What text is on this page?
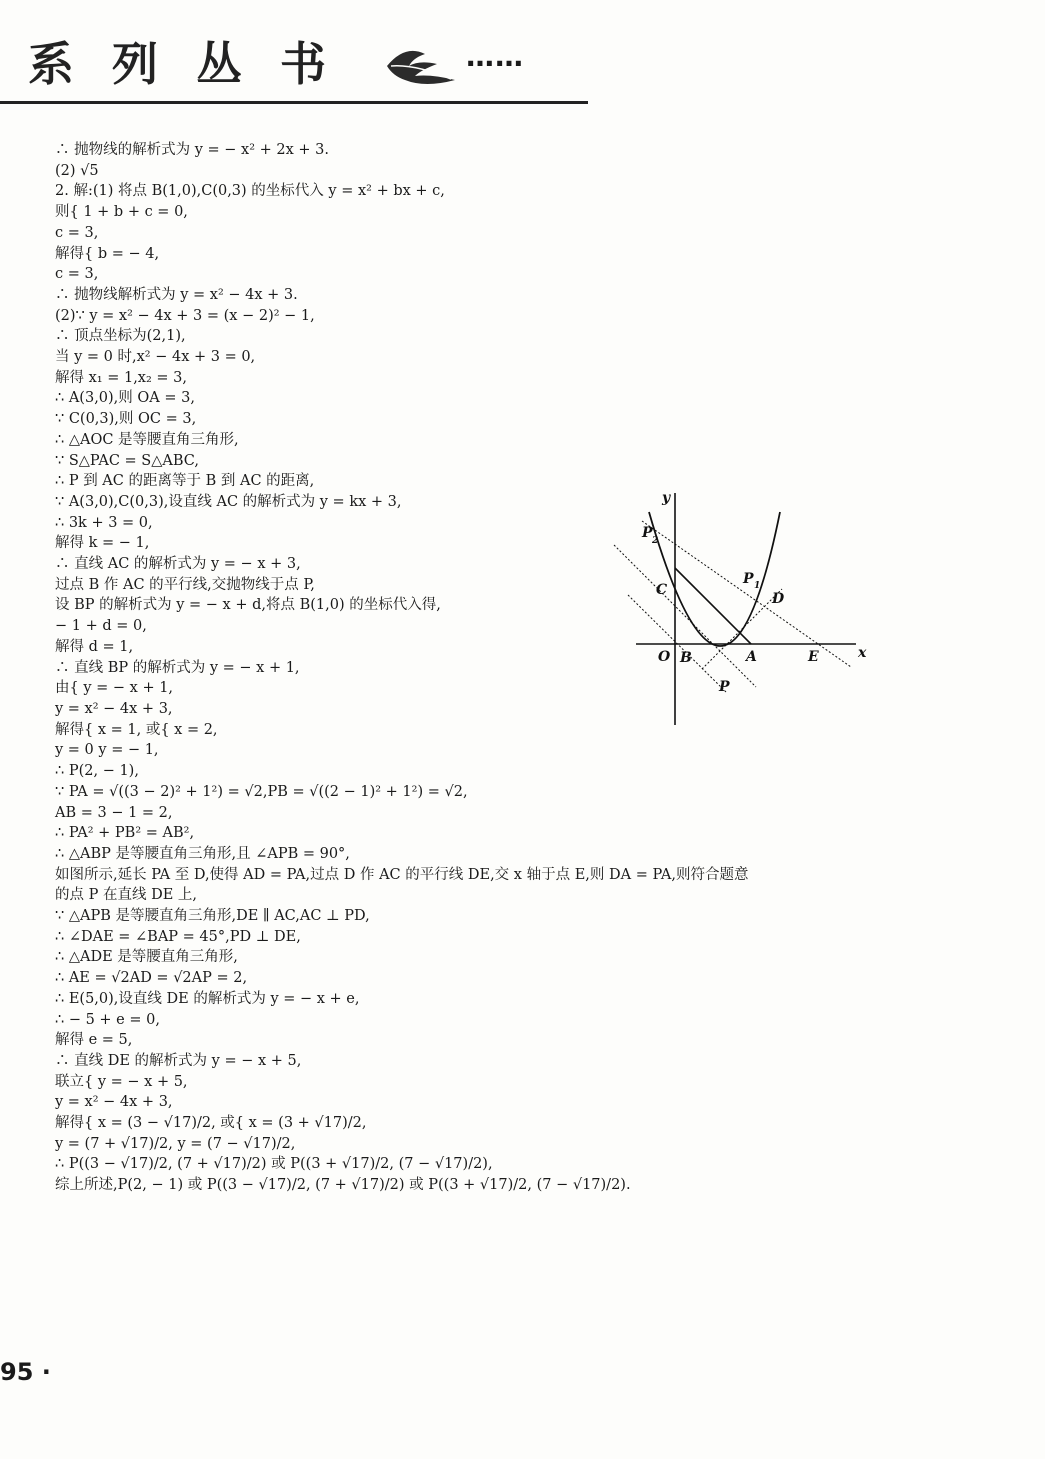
系列丛书	……
∴ 抛物线的解析式为 y = − x² + 2x + 3.
(2) √5
2. 解:(1) 将点 B(1,0),C(0,3) 的坐标代入 y = x² + bx + c,
则{ 1 + b + c = 0,
c = 3,
解得{ b = − 4,
c = 3,
∴ 抛物线解析式为 y = x² − 4x + 3.
(2)∵ y = x² − 4x + 3 = (x − 2)² − 1,
∴ 顶点坐标为(2,1),
当 y = 0 时,x² − 4x + 3 = 0,
解得 x₁ = 1,x₂ = 3,
∴ A(3,0),则 OA = 3,
∵ C(0,3),则 OC = 3,
∴ △AOC 是等腰直角三角形,
∵ S△PAC = S△ABC,
∴ P 到 AC 的距离等于 B 到 AC 的距离,
∵ A(3,0),C(0,3),设直线 AC 的解析式为 y = kx + 3,
∴ 3k + 3 = 0,
解得 k = − 1,
∴ 直线 AC 的解析式为 y = − x + 3,
过点 B 作 AC 的平行线,交抛物线于点 P,
设 BP 的解析式为 y = − x + d,将点 B(1,0) 的坐标代入得,
− 1 + d = 0,
解得 d = 1,
∴ 直线 BP 的解析式为 y = − x + 1,
由{ y = − x + 1,
y = x² − 4x + 3,
解得{ x = 1, 或{ x = 2,
y = 0 y = − 1,
∴ P(2, − 1),
∵ PA = √((3 − 2)² + 1²) = √2,PB = √((2 − 1)² + 1²) = √2,
AB = 3 − 1 = 2,
∴ PA² + PB² = AB²,
∴ △ABP 是等腰直角三角形,且 ∠APB = 90°,
如图所示,延长 PA 至 D,使得 AD = PA,过点 D 作 AC 的平行线 DE,交 x 轴于点 E,则 DA = PA,则符合题意
的点 P 在直线 DE 上,
∵ △APB 是等腰直角三角形,DE ∥ AC,AC ⊥ PD,
∴ ∠DAE = ∠BAP = 45°,PD ⊥ DE,
∴ △ADE 是等腰直角三角形,
∴ AE = √2AD = √2AP = 2,
∴ E(5,0),设直线 DE 的解析式为 y = − x + e,
∴ − 5 + e = 0,
解得 e = 5,
∴ 直线 DE 的解析式为 y = − x + 5,
联立{ y = − x + 5,
y = x² − 4x + 3,
解得{ x = (3 − √17)/2, 或{ x = (3 + √17)/2,
y = (7 + √17)/2, y = (7 − √17)/2,
∴ P((3 − √17)/2, (7 + √17)/2) 或 P((3 + √17)/2, (7 − √17)/2),
综上所述,P(2, − 1) 或 P((3 − √17)/2, (7 + √17)/2) 或 P((3 + √17)/2, (7 − √17)/2).
y
x
O B	A	E
C
D
P
P 1
P 2
95 ·
